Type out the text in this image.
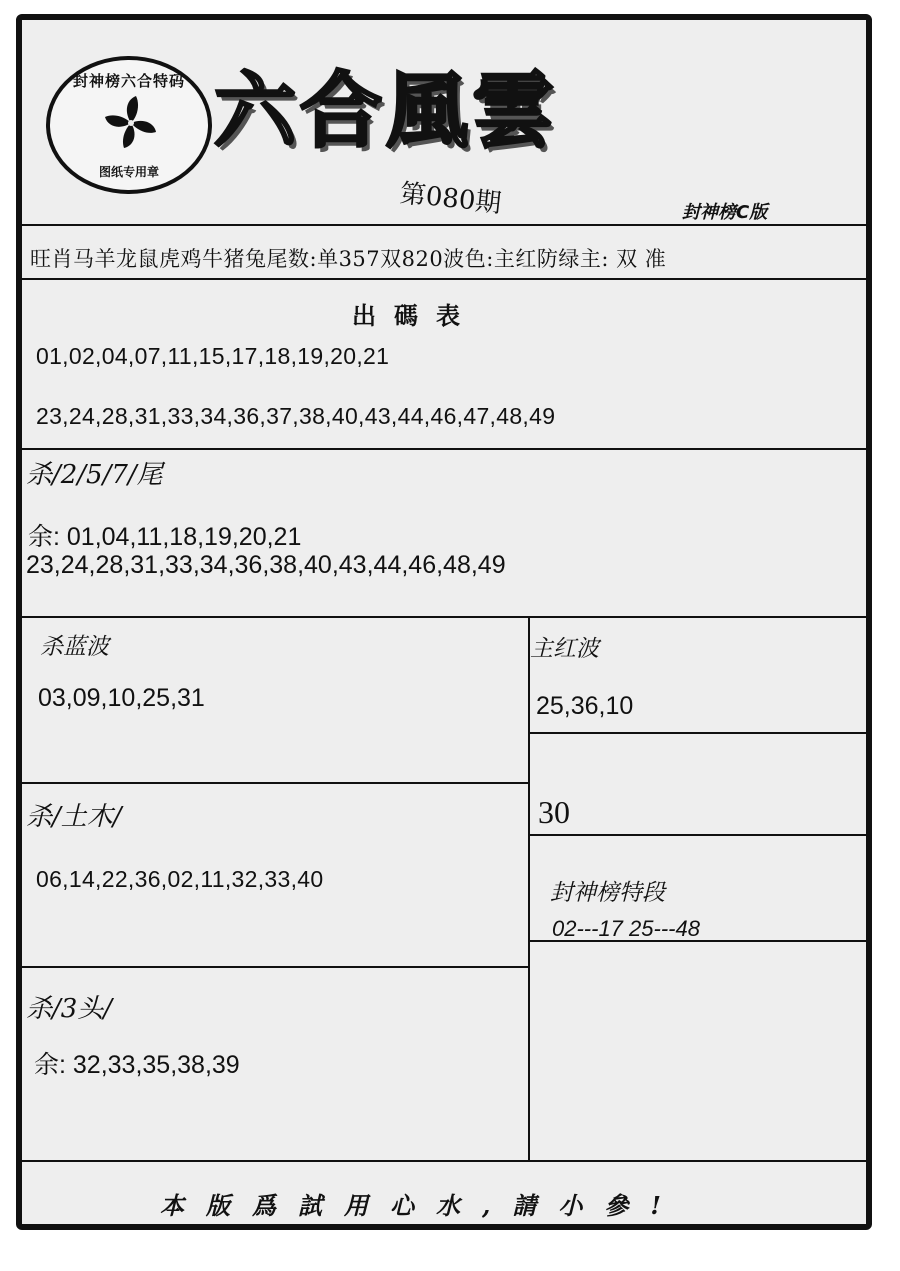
封神榜六合特码
图纸专用章
六合風雲
第080期	封神榜C版
旺肖马羊龙鼠虎鸡牛猪兔尾数:单357双820波色:主红防绿主: 双 准
出碼表
01,02,04,07,11,15,17,18,19,20,21
23,24,28,31,33,34,36,37,38,40,43,44,46,47,48,49
杀/2/5/7/尾
余: 01,04,11,18,19,20,21
23,24,28,31,33,34,36,38,40,43,44,46,48,49
杀蓝波
03,09,10,25,31
主红波
25,36,10
30
杀/土木/
06,14,22,36,02,11,32,33,40
封神榜特段
02---17 25---48
杀/3头/
余: 32,33,35,38,39
本版爲試用心水,請小參!
